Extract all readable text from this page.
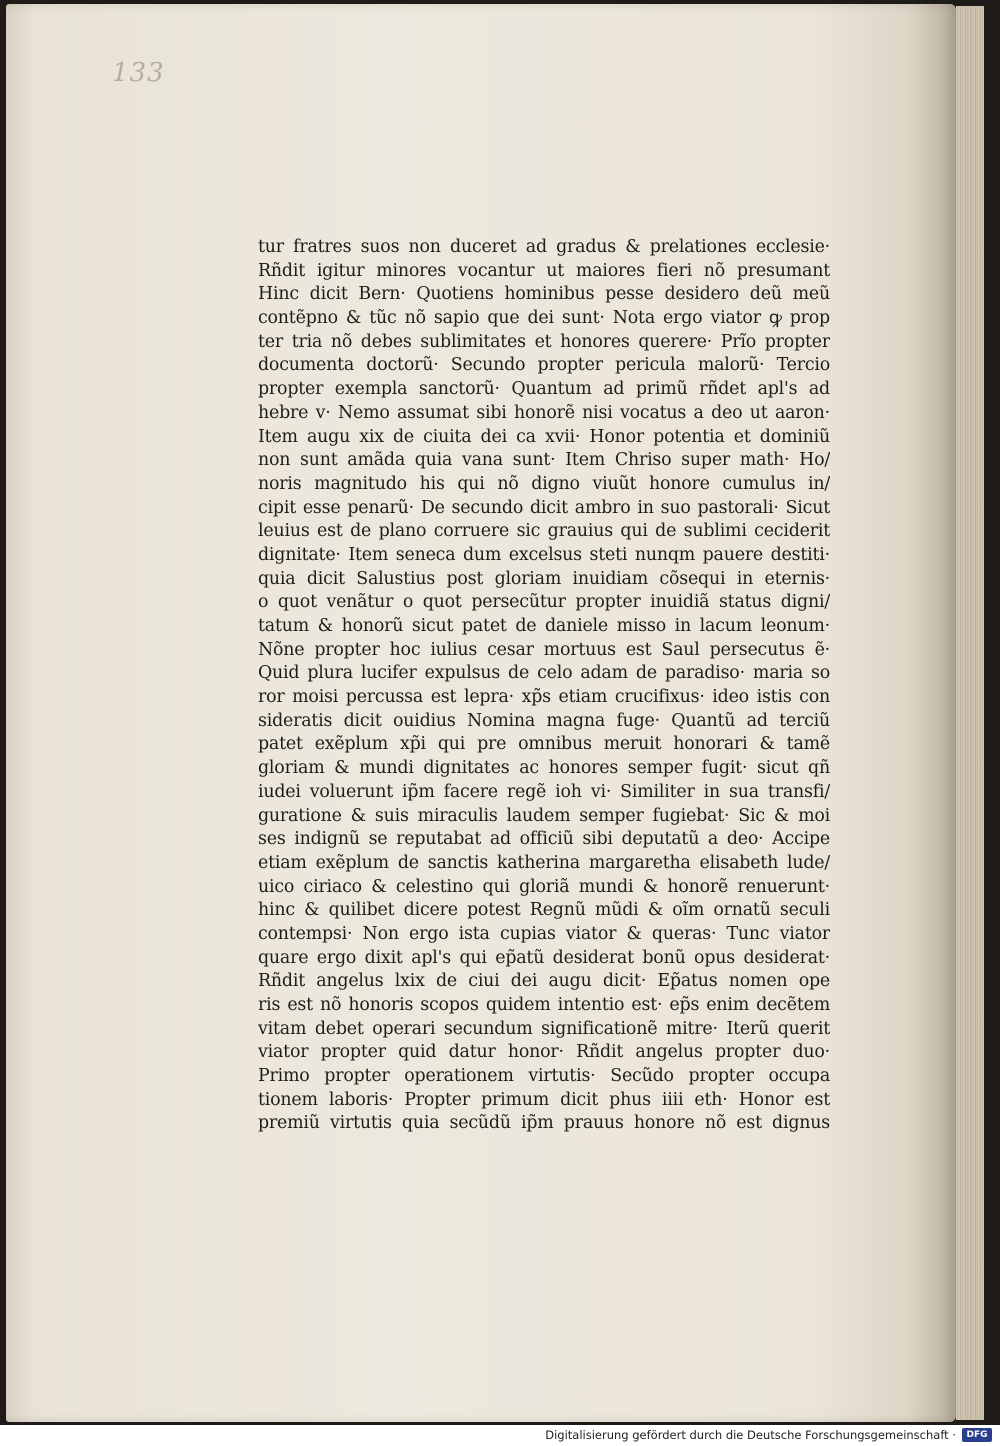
133
tur fratres suos non duceret ad gradus & prelationes ecclesie·
Rñdit igitur minores vocantur ut maiores fieri nõ presumant
Hinc dicit Bern· Quotiens hominibus pesse desidero deũ meũ
contẽpno & tũc nõ sapio que dei sunt· Nota ergo viator ꝙ prop
ter tria nõ debes sublimitates et honores querere· Prĩo propter
documenta doctorũ· Secundo propter pericula malorũ· Tercio
propter exempla sanctorũ· Quantum ad primũ rñdet apl's ad
hebre v· Nemo assumat sibi honorẽ nisi vocatus a deo ut aaron·
Item augu xix de ciuita dei ca xvii· Honor potentia et dominiũ
non sunt amãda quia vana sunt· Item Chriso super math· Ho/
noris magnitudo his qui nõ digno viuũt honore cumulus in/
cipit esse penarũ· De secundo dicit ambro in suo pastorali· Sicut
leuius est de plano corruere sic grauius qui de sublimi ceciderit
dignitate· Item seneca dum excelsus steti nunqm pauere destiti·
quia dicit Salustius post gloriam inuidiam cõsequi in eternis·
o quot venãtur o quot persecũtur propter inuidiã status digni/
tatum & honorũ sicut patet de daniele misso in lacum leonum·
Nõne propter hoc iulius cesar mortuus est Saul persecutus ẽ·
Quid plura lucifer expulsus de celo adam de paradiso· maria so
ror moisi percussa est lepra· xp̃s etiam crucifixus· ideo istis con
sideratis dicit ouidius Nomina magna fuge· Quantũ ad terciũ
patet exẽplum xp̃i qui pre omnibus meruit honorari & tamẽ
gloriam & mundi dignitates ac honores semper fugit· sicut qñ
iudei voluerunt ip̃m facere regẽ ioh vi· Similiter in sua transfi/
guratione & suis miraculis laudem semper fugiebat· Sic & moi
ses indignũ se reputabat ad officiũ sibi deputatũ a deo· Accipe
etiam exẽplum de sanctis katherina margaretha elisabeth lude/
uico ciriaco & celestino qui gloriã mundi & honorẽ renuerunt·
hinc & quilibet dicere potest Regnũ mũdi & oĩm ornatũ seculi
contempsi· Non ergo ista cupias viator & queras· Tunc viator
quare ergo dixit apl's qui ep̃atũ desiderat bonũ opus desiderat·
Rñdit angelus lxix de ciui dei augu dicit· Ep̃atus nomen ope
ris est nõ honoris scopos quidem intentio est· ep̃s enim decẽtem
vitam debet operari secundum significationẽ mitre· Iterũ querit
viator propter quid datur honor· Rñdit angelus propter duo·
Primo propter operationem virtutis· Secũdo propter occupa
tionem laboris· Propter primum dicit phus iiii eth· Honor est
premiũ virtutis quia secũdũ ip̃m prauus honore nõ est dignus
Digitalisierung gefördert durch die Deutsche Forschungsgemeinschaft ·	DFG
